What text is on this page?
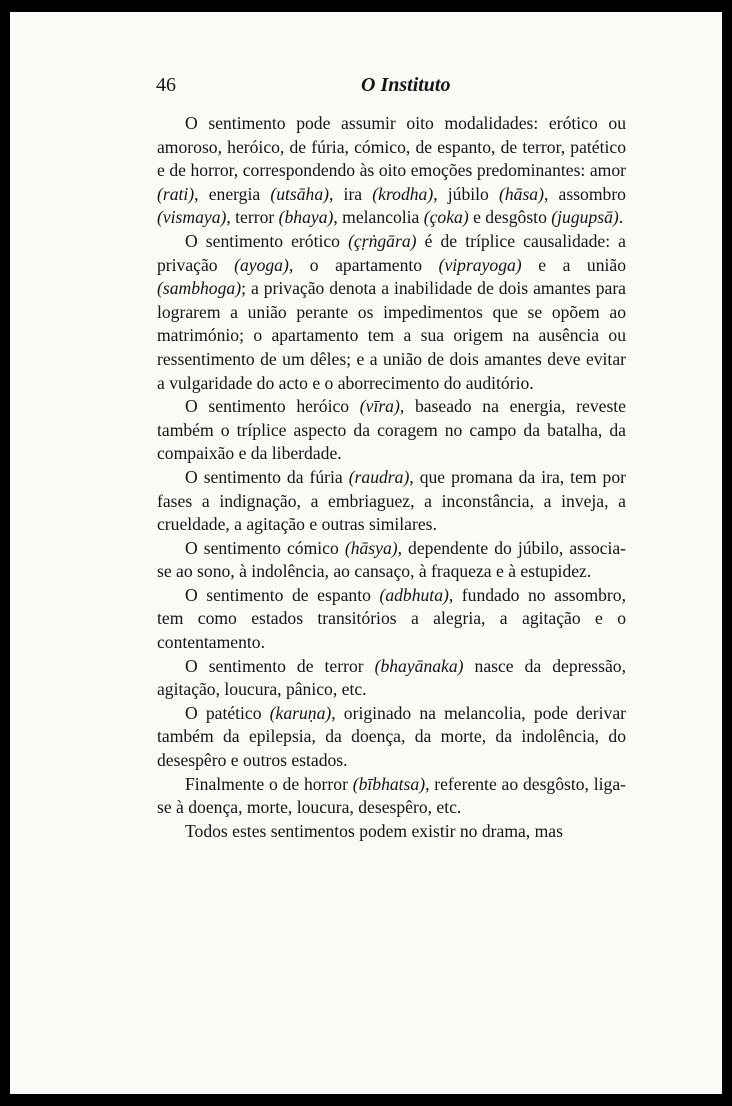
46	O Instituto

O sentimento pode assumir oito modalidades: erótico ou amoroso, heróico, de fúria, cómico, de espanto, de terror, patético e de horror, correspondendo às oito emoções predominantes: amor (rati), energia (utsāha), ira (krodha), júbilo (hāsa), assombro (vismaya), terror (bhaya), melancolia (çoka) e desgôsto (jugupsā).

O sentimento erótico (çṛṅgāra) é de tríplice causalidade: a privação (ayoga), o apartamento (viprayoga) e a união (sambhoga); a privação denota a inabilidade de dois amantes para lograrem a união perante os impedimentos que se opõem ao matrimónio; o apartamento tem a sua origem na ausência ou ressentimento de um dêles; e a união de dois amantes deve evitar a vulgaridade do acto e o aborrecimento do auditório.

O sentimento heróico (vīra), baseado na energia, reveste também o tríplice aspecto da coragem no campo da batalha, da compaixão e da liberdade.

O sentimento da fúria (raudra), que promana da ira, tem por fases a indignação, a embriaguez, a inconstância, a inveja, a crueldade, a agitação e outras similares.

O sentimento cómico (hāsya), dependente do júbilo, associa-se ao sono, à indolência, ao cansaço, à fraqueza e à estupidez.

O sentimento de espanto (adbhuta), fundado no assombro, tem como estados transitórios a alegria, a agitação e o contentamento.

O sentimento de terror (bhayānaka) nasce da depressão, agitação, loucura, pânico, etc.

O patético (karuṇa), originado na melancolia, pode derivar também da epilepsia, da doença, da morte, da indolência, do desespêro e outros estados.

Finalmente o de horror (bībhatsa), referente ao desgôsto, liga-se à doença, morte, loucura, desespêro, etc.

Todos estes sentimentos podem existir no drama, mas
